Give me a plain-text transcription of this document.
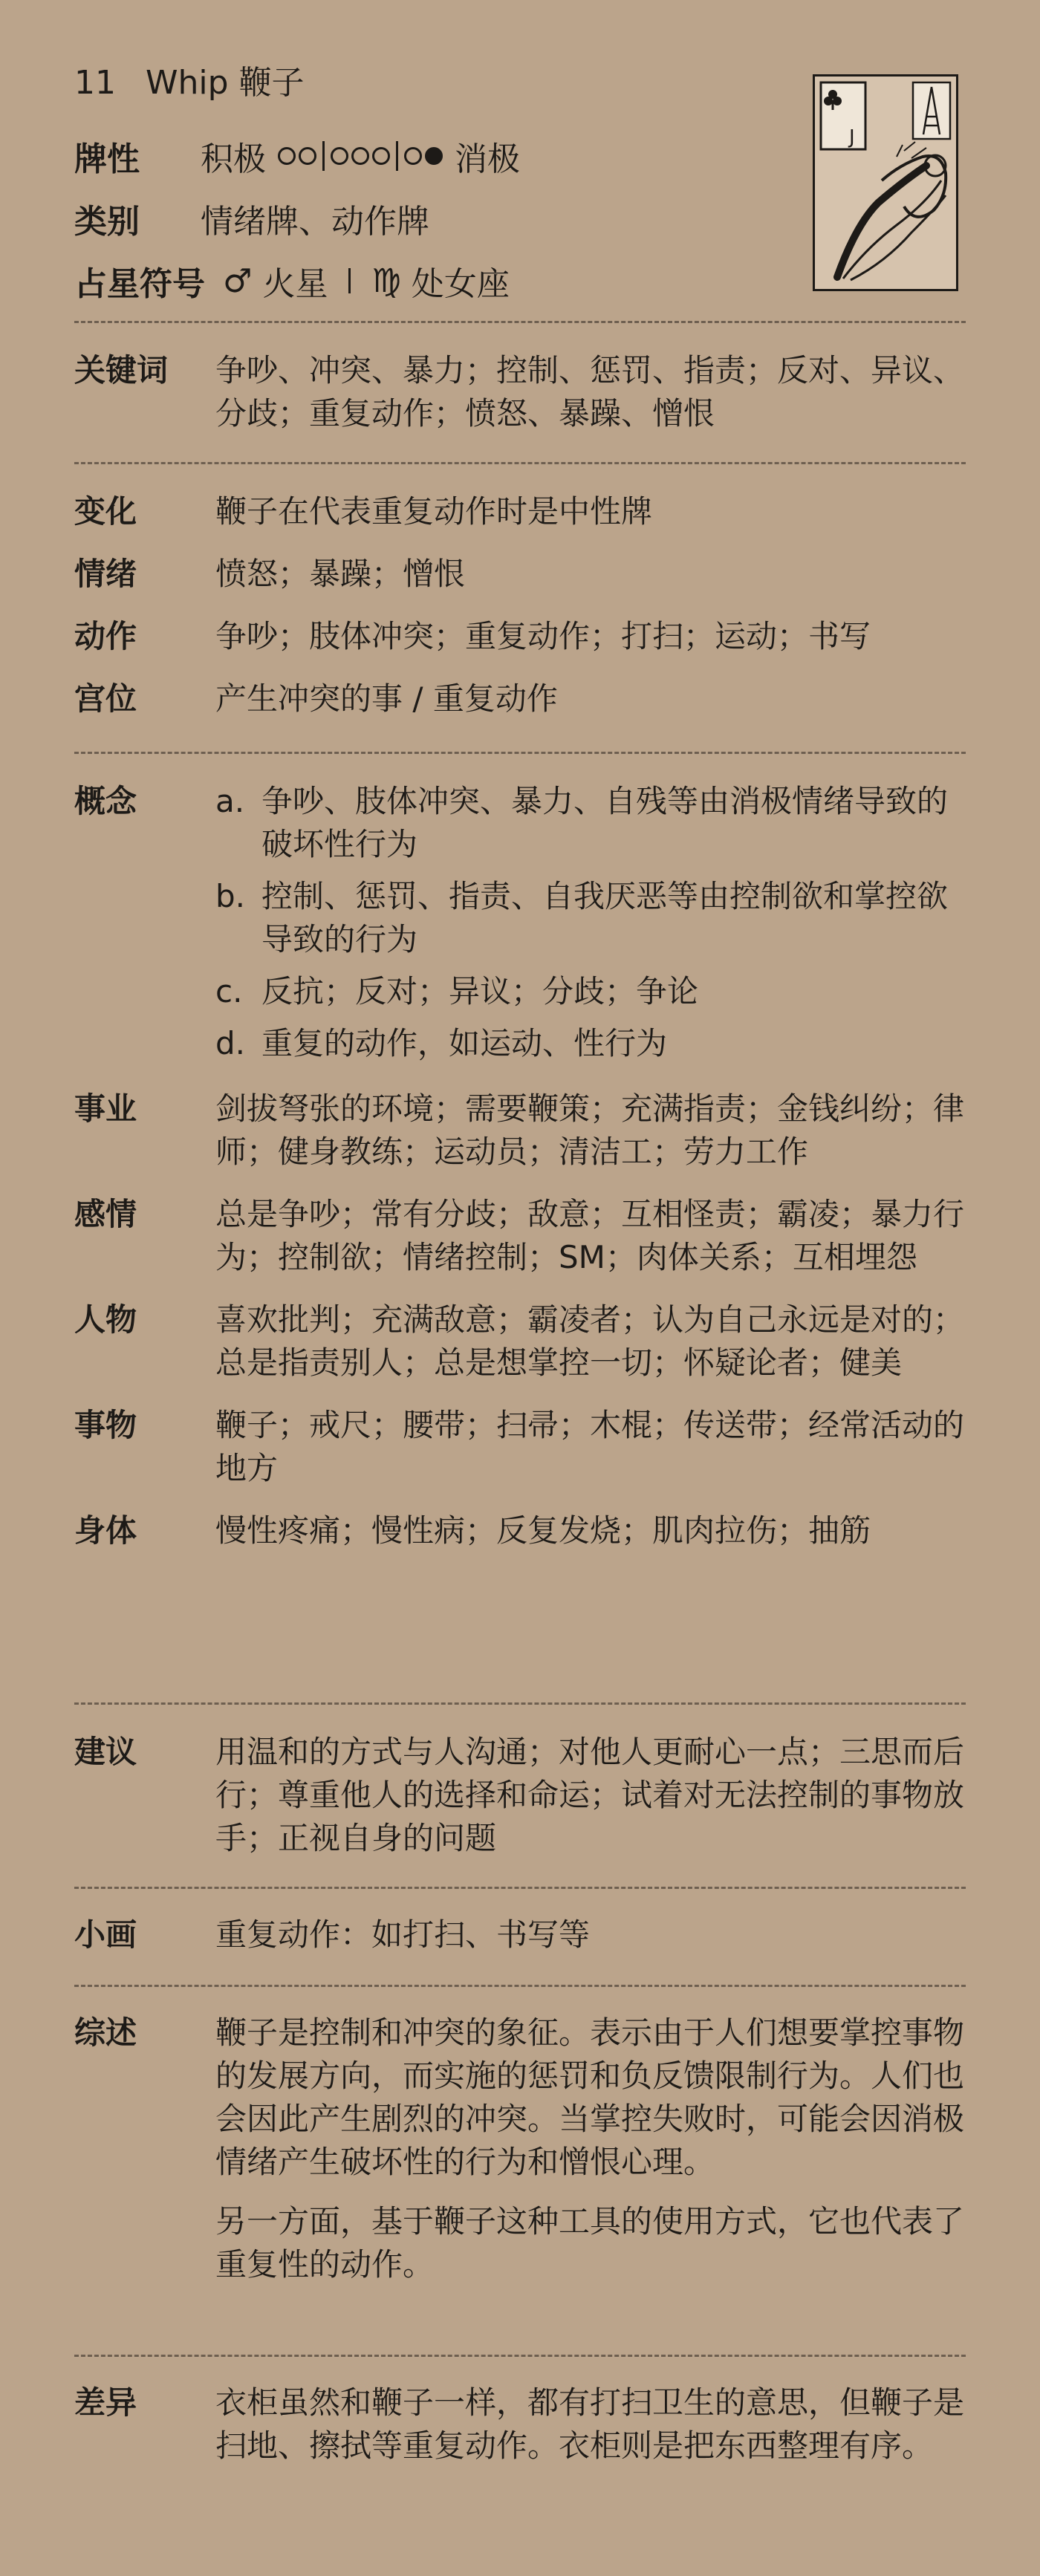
11 Whip 鞭子
牌性	积极	消极
类别	情绪牌、动作牌
占星符号 ♂ 火星 ♍ 处女座
J
关键词	争吵、冲突、暴力；控制、惩罚、指责；反对、异议、分歧；重复动作；愤怒、暴躁、憎恨
变化	鞭子在代表重复动作时是中性牌
情绪	愤怒；暴躁；憎恨
动作	争吵；肢体冲突；重复动作；打扫；运动；书写
宫位	产生冲突的事 / 重复动作
概念	a. 争吵、肢体冲突、暴力、自残等由消极情绪导致的破坏性行为
b. 控制、惩罚、指责、自我厌恶等由控制欲和掌控欲导致的行为
c. 反抗；反对；异议；分歧；争论
d. 重复的动作，如运动、性行为
事业	剑拔弩张的环境；需要鞭策；充满指责；金钱纠纷；律师；健身教练；运动员；清洁工；劳力工作
感情	总是争吵；常有分歧；敌意；互相怪责；霸凌；暴力行为；控制欲；情绪控制；SM；肉体关系；互相埋怨
人物	喜欢批判；充满敌意；霸凌者；认为自己永远是对的；总是指责别人；总是想掌控一切；怀疑论者；健美
事物	鞭子；戒尺；腰带；扫帚；木棍；传送带；经常活动的地方
身体	慢性疼痛；慢性病；反复发烧；肌肉拉伤；抽筋
建议	用温和的方式与人沟通；对他人更耐心一点；三思而后行；尊重他人的选择和命运；试着对无法控制的事物放手；正视自身的问题
小画	重复动作：如打扫、书写等
综述	鞭子是控制和冲突的象征。表示由于人们想要掌控事物的发展方向，而实施的惩罚和负反馈限制行为。人们也会因此产生剧烈的冲突。当掌控失败时，可能会因消极情绪产生破坏性的行为和憎恨心理。
另一方面，基于鞭子这种工具的使用方式，它也代表了重复性的动作。
差异	衣柜虽然和鞭子一样，都有打扫卫生的意思，但鞭子是扫地、擦拭等重复动作。衣柜则是把东西整理有序。
